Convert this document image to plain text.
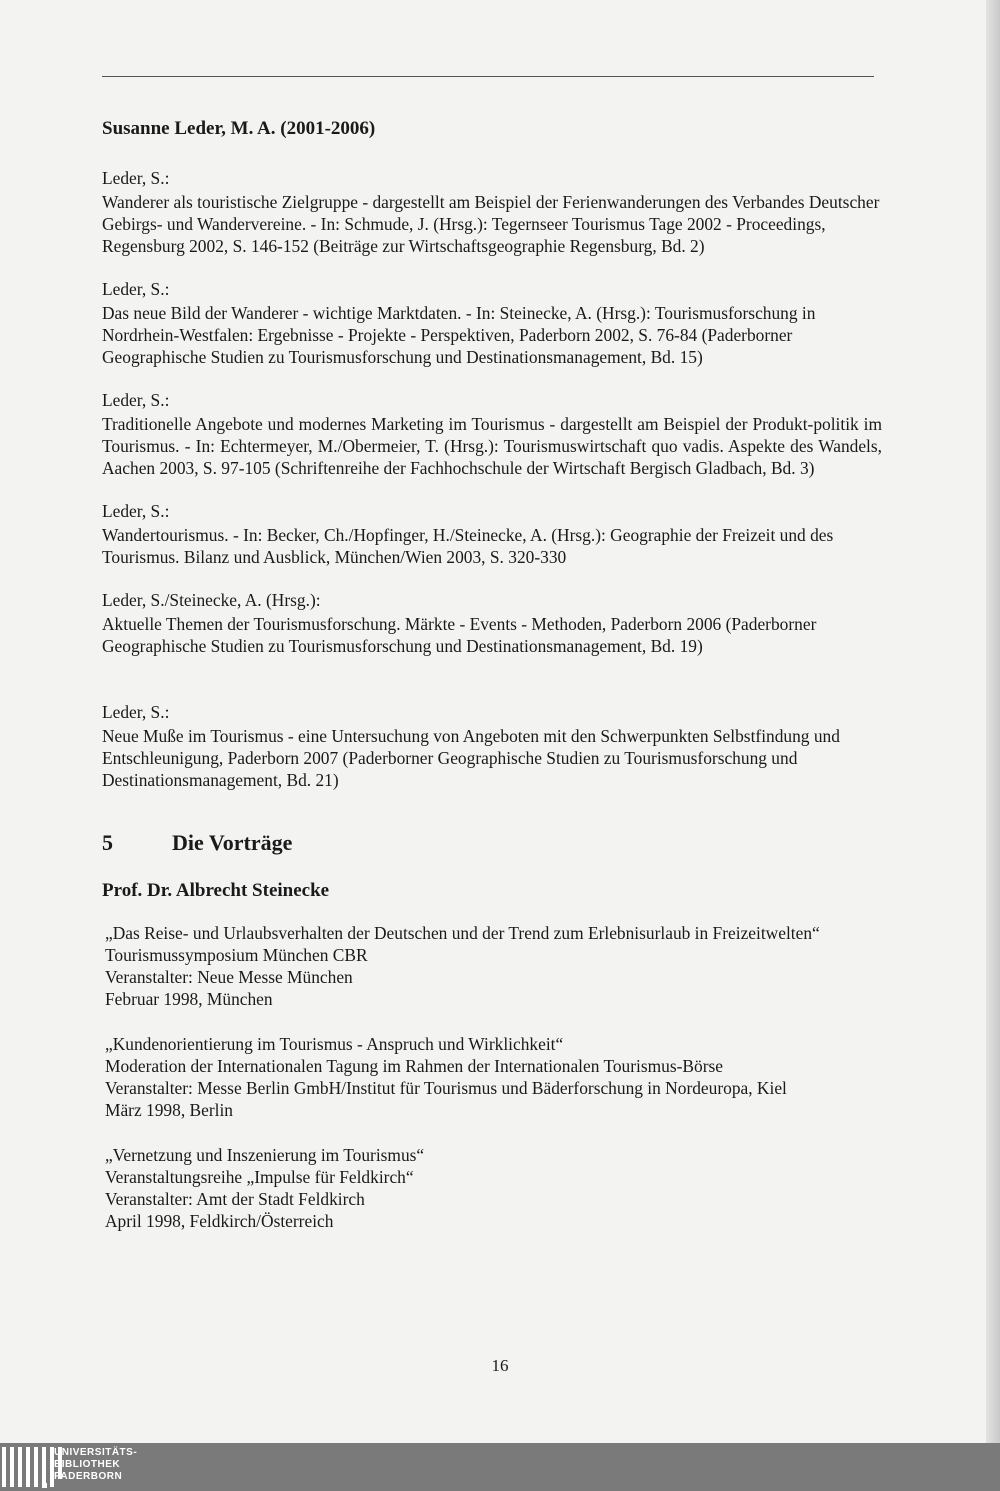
Susanne Leder, M. A. (2001-2006)
Leder, S.:
Wanderer als touristische Zielgruppe - dargestellt am Beispiel der Ferienwanderungen des Verbandes Deutscher Gebirgs- und Wandervereine. - In: Schmude, J. (Hrsg.): Tegernseer Tourismus Tage 2002 - Proceedings, Regensburg 2002, S. 146-152 (Beiträge zur Wirtschaftsgeographie Regensburg, Bd. 2)
Leder, S.:
Das neue Bild der Wanderer - wichtige Marktdaten. - In: Steinecke, A. (Hrsg.): Tourismusforschung in Nordrhein-Westfalen: Ergebnisse - Projekte - Perspektiven, Paderborn 2002, S. 76-84 (Paderborner Geographische Studien zu Tourismusforschung und Destinationsmanagement, Bd. 15)
Leder, S.:
Traditionelle Angebote und modernes Marketing im Tourismus - dargestellt am Beispiel der Produkt-politik im Tourismus. - In: Echtermeyer, M./Obermeier, T. (Hrsg.): Tourismuswirtschaft quo vadis. Aspekte des Wandels, Aachen 2003, S. 97-105 (Schriftenreihe der Fachhochschule der Wirtschaft Bergisch Gladbach, Bd. 3)
Leder, S.:
Wandertourismus. - In: Becker, Ch./Hopfinger, H./Steinecke, A. (Hrsg.): Geographie der Freizeit und des Tourismus. Bilanz und Ausblick, München/Wien 2003, S. 320-330
Leder, S./Steinecke, A. (Hrsg.):
Aktuelle Themen der Tourismusforschung. Märkte - Events - Methoden, Paderborn 2006 (Paderborner Geographische Studien zu Tourismusforschung und Destinationsmanagement, Bd. 19)
Leder, S.:
Neue Muße im Tourismus - eine Untersuchung von Angeboten mit den Schwerpunkten Selbstfindung und Entschleunigung, Paderborn 2007 (Paderborner Geographische Studien zu Tourismusforschung und Destinationsmanagement, Bd. 21)
5	Die Vorträge
Prof. Dr. Albrecht Steinecke
„Das Reise- und Urlaubsverhalten der Deutschen und der Trend zum Erlebnisurlaub in Freizeitwelten“
Tourismussymposium München CBR
Veranstalter: Neue Messe München
Februar 1998, München
„Kundenorientierung im Tourismus - Anspruch und Wirklichkeit“
Moderation der Internationalen Tagung im Rahmen der Internationalen Tourismus-Börse
Veranstalter: Messe Berlin GmbH/Institut für Tourismus und Bäderforschung in Nordeuropa, Kiel
März 1998, Berlin
„Vernetzung und Inszenierung im Tourismus“
Veranstaltungsreihe „Impulse für Feldkirch“
Veranstalter: Amt der Stadt Feldkirch
April 1998, Feldkirch/Österreich
16
UNIVERSITÄTS-
BIBLIOTHEK
PADERBORN
